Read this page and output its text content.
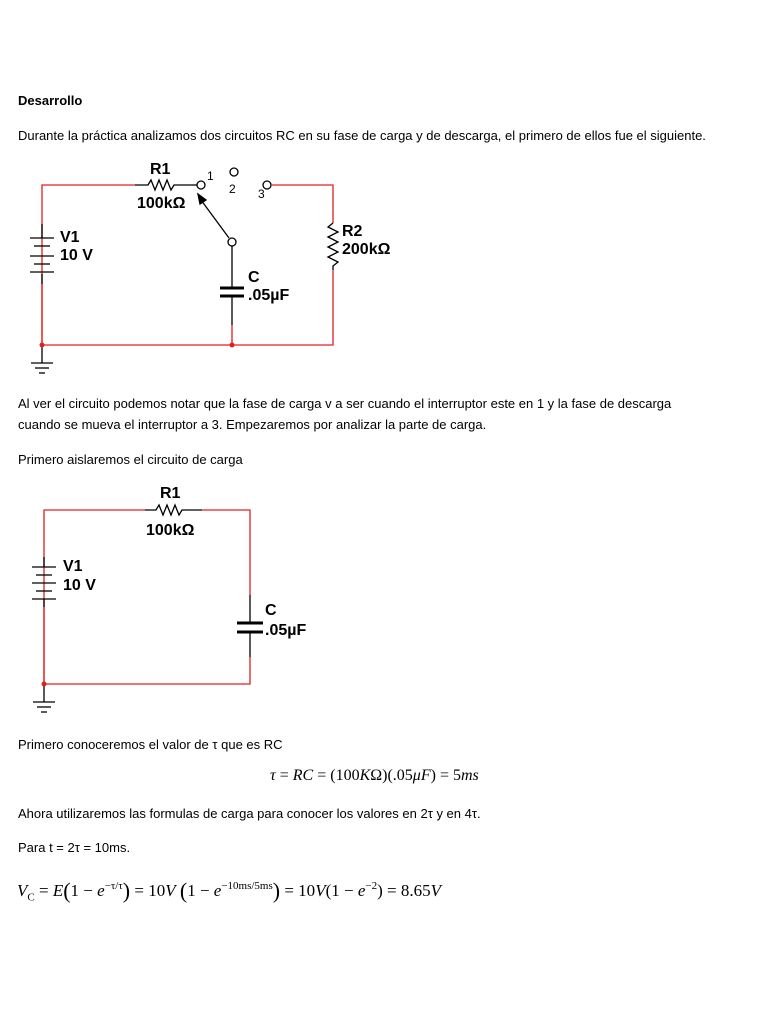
Desarrollo
Durante la práctica analizamos dos circuitos RC en su fase de carga y de descarga, el primero de ellos fue el siguiente.
R1
100kΩ
V1
10 V
R2
200kΩ
C
.05µF
1
2 3
Al ver el circuito podemos notar que la fase de carga v a ser cuando el interruptor este en 1 y la fase de descarga
cuando se mueva el interruptor a 3. Empezaremos por analizar la parte de carga.
Primero aislaremos el circuito de carga
R1
100kΩ
V1
10 V
C
.05µF
Primero conoceremos el valor de τ que es RC
τ = RC = (100KΩ)(.05μF) = 5ms
Ahora utilizaremos las formulas de carga para conocer los valores en 2τ y en 4τ.
Para t = 2τ = 10ms.
$V_C = E(1 - e^{-\tau/\tau}) = 10V$ $(1 - e^{-10ms/5ms}) = 10V(1 - e^{-2}) = 8.65V$
